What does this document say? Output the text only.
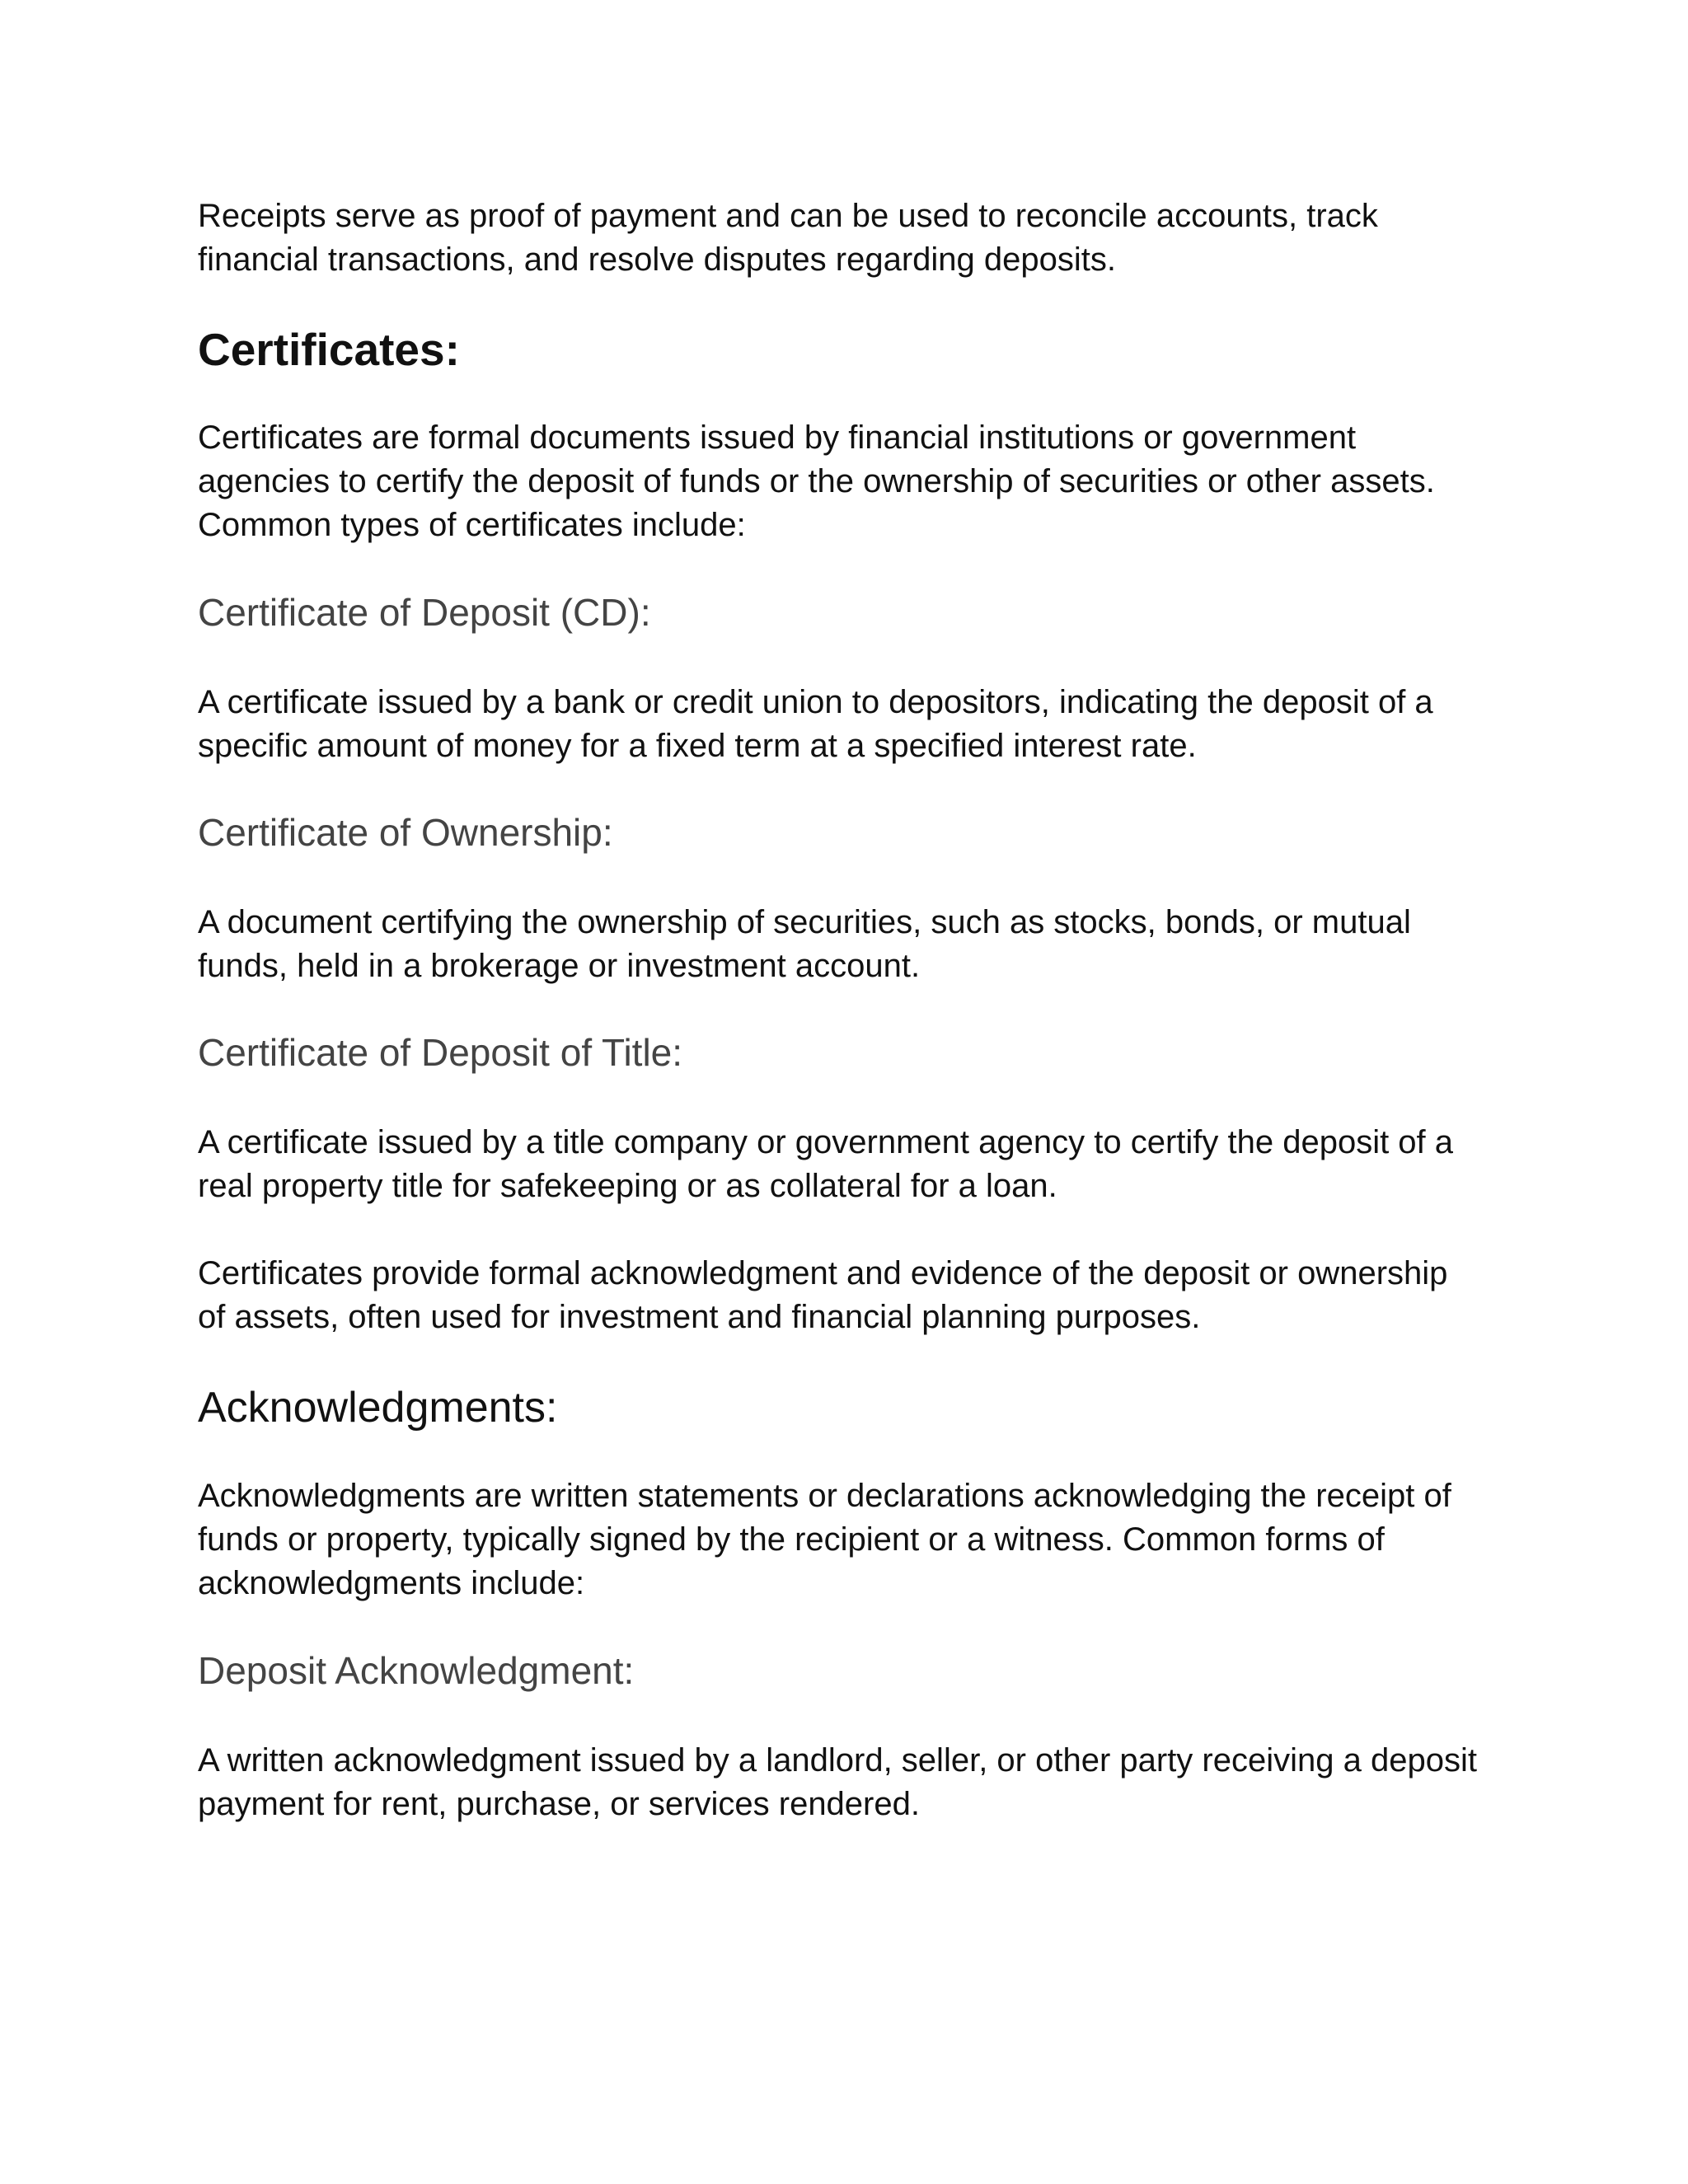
Receipts serve as proof of payment and can be used to reconcile accounts, track
financial transactions, and resolve disputes regarding deposits.

Certificates:

Certificates are formal documents issued by financial institutions or government
agencies to certify the deposit of funds or the ownership of securities or other assets.
Common types of certificates include:

Certificate of Deposit (CD):

A certificate issued by a bank or credit union to depositors, indicating the deposit of a
specific amount of money for a fixed term at a specified interest rate.

Certificate of Ownership:

A document certifying the ownership of securities, such as stocks, bonds, or mutual
funds, held in a brokerage or investment account.

Certificate of Deposit of Title:

A certificate issued by a title company or government agency to certify the deposit of a
real property title for safekeeping or as collateral for a loan.

Certificates provide formal acknowledgment and evidence of the deposit or ownership
of assets, often used for investment and financial planning purposes.

Acknowledgments:

Acknowledgments are written statements or declarations acknowledging the receipt of
funds or property, typically signed by the recipient or a witness. Common forms of
acknowledgments include:

Deposit Acknowledgment:

A written acknowledgment issued by a landlord, seller, or other party receiving a deposit
payment for rent, purchase, or services rendered.
